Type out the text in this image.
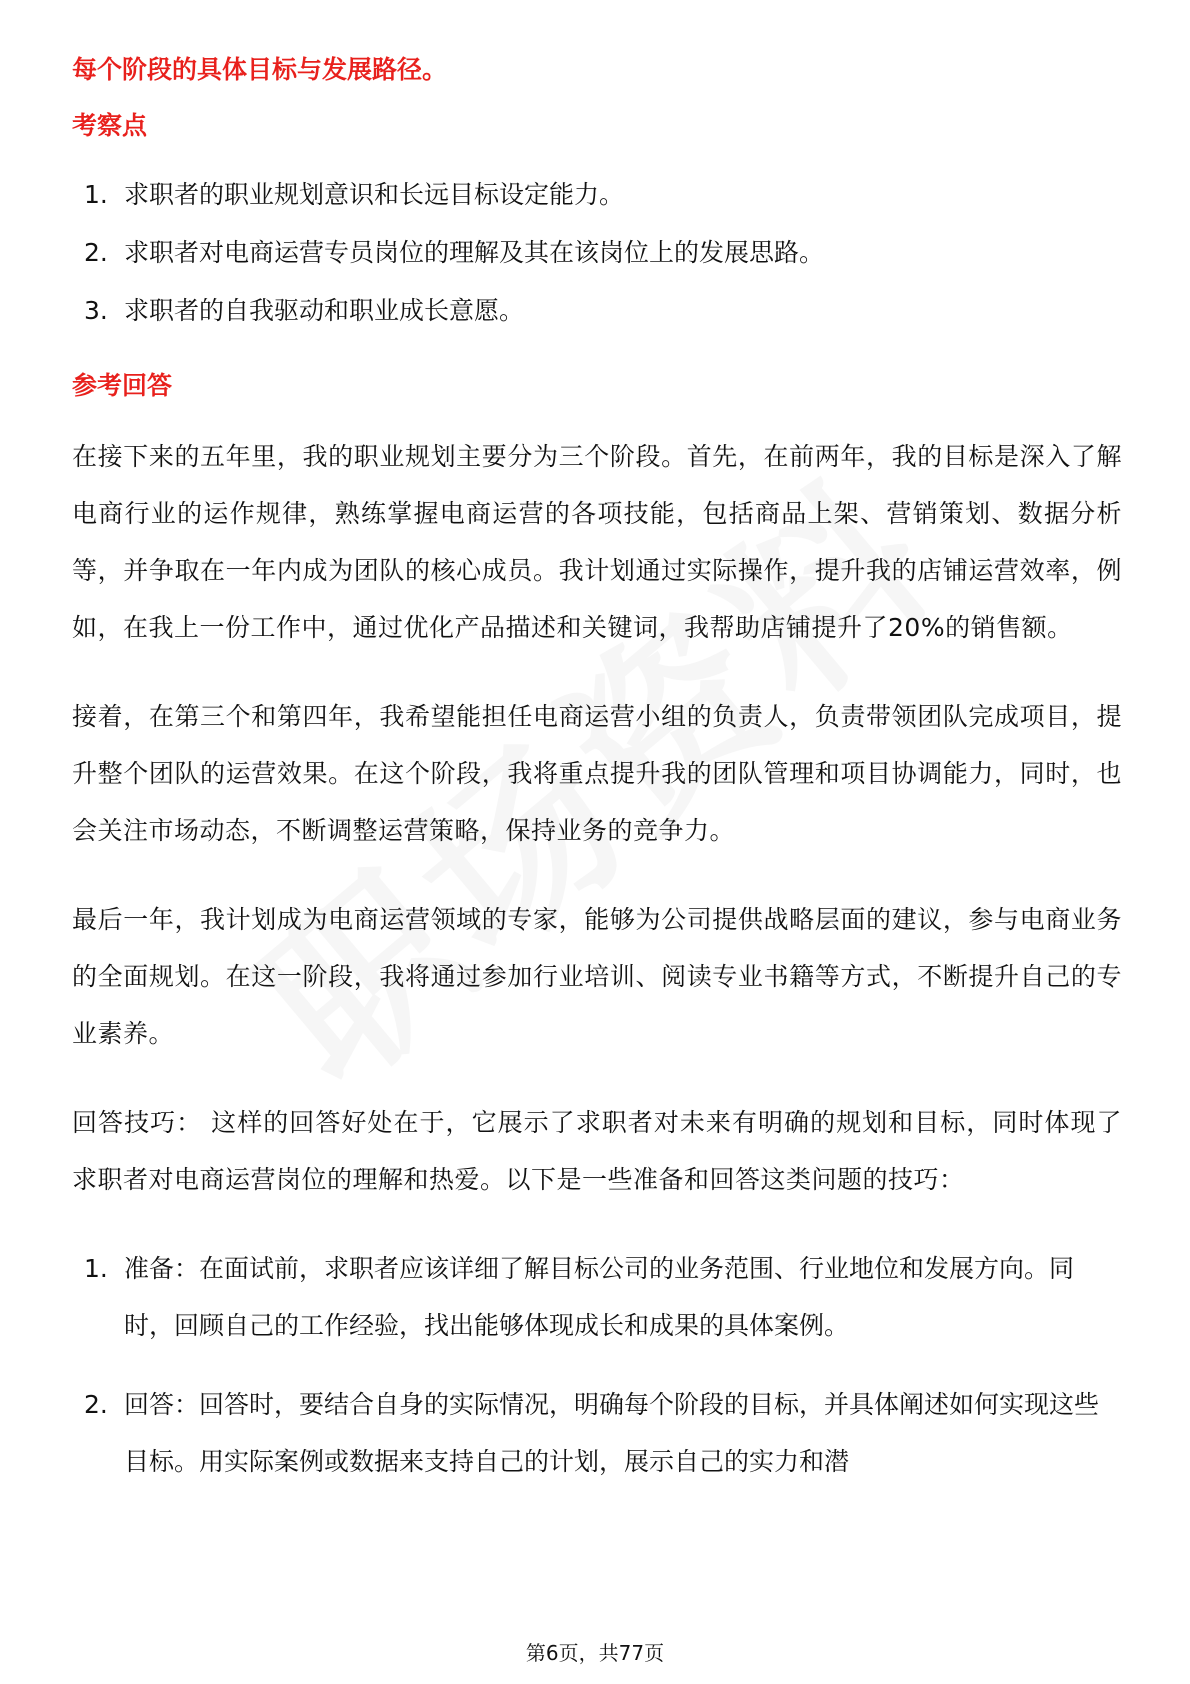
每个阶段的具体目标与发展路径。

考察点

1. 求职者的职业规划意识和长远目标设定能力。
2. 求职者对电商运营专员岗位的理解及其在该岗位上的发展思路。
3. 求职者的自我驱动和职业成长意愿。

参考回答

在接下来的五年里，我的职业规划主要分为三个阶段。首先，在前两年，我的目标是深入了解电商行业的运作规律，熟练掌握电商运营的各项技能，包括商品上架、营销策划、数据分析等，并争取在一年内成为团队的核心成员。我计划通过实际操作，提升我的店铺运营效率，例如，在我上一份工作中，通过优化产品描述和关键词，我帮助店铺提升了20%的销售额。

接着，在第三个和第四年，我希望能担任电商运营小组的负责人，负责带领团队完成项目，提升整个团队的运营效果。在这个阶段，我将重点提升我的团队管理和项目协调能力，同时，也会关注市场动态，不断调整运营策略，保持业务的竞争力。

最后一年，我计划成为电商运营领域的专家，能够为公司提供战略层面的建议，参与电商业务的全面规划。在这一阶段，我将通过参加行业培训、阅读专业书籍等方式，不断提升自己的专业素养。

回答技巧： 这样的回答好处在于，它展示了求职者对未来有明确的规划和目标，同时体现了求职者对电商运营岗位的理解和热爱。以下是一些准备和回答这类问题的技巧：

1. 准备：在面试前，求职者应该详细了解目标公司的业务范围、行业地位和发展方向。同时，回顾自己的工作经验，找出能够体现成长和成果的具体案例。
2. 回答：回答时，要结合自身的实际情况，明确每个阶段的目标，并具体阐述如何实现这些目标。用实际案例或数据来支持自己的计划，展示自己的实力和潜
第6页，共77页
